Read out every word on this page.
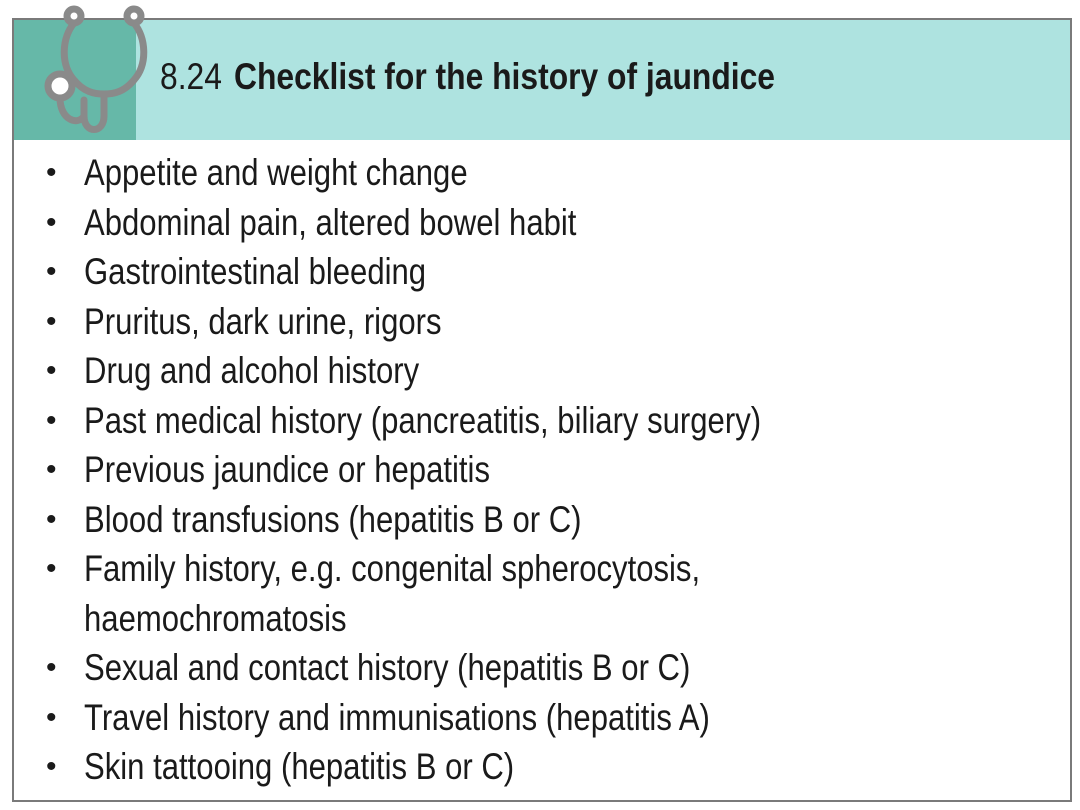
8.24 Checklist for the history of jaundice
• Appetite and weight change
• Abdominal pain, altered bowel habit
• Gastrointestinal bleeding
• Pruritus, dark urine, rigors
• Drug and alcohol history
• Past medical history (pancreatitis, biliary surgery)
• Previous jaundice or hepatitis
• Blood transfusions (hepatitis B or C)
• Family history, e.g. congenital spherocytosis,
haemochromatosis
• Sexual and contact history (hepatitis B or C)
• Travel history and immunisations (hepatitis A)
• Skin tattooing (hepatitis B or C)
